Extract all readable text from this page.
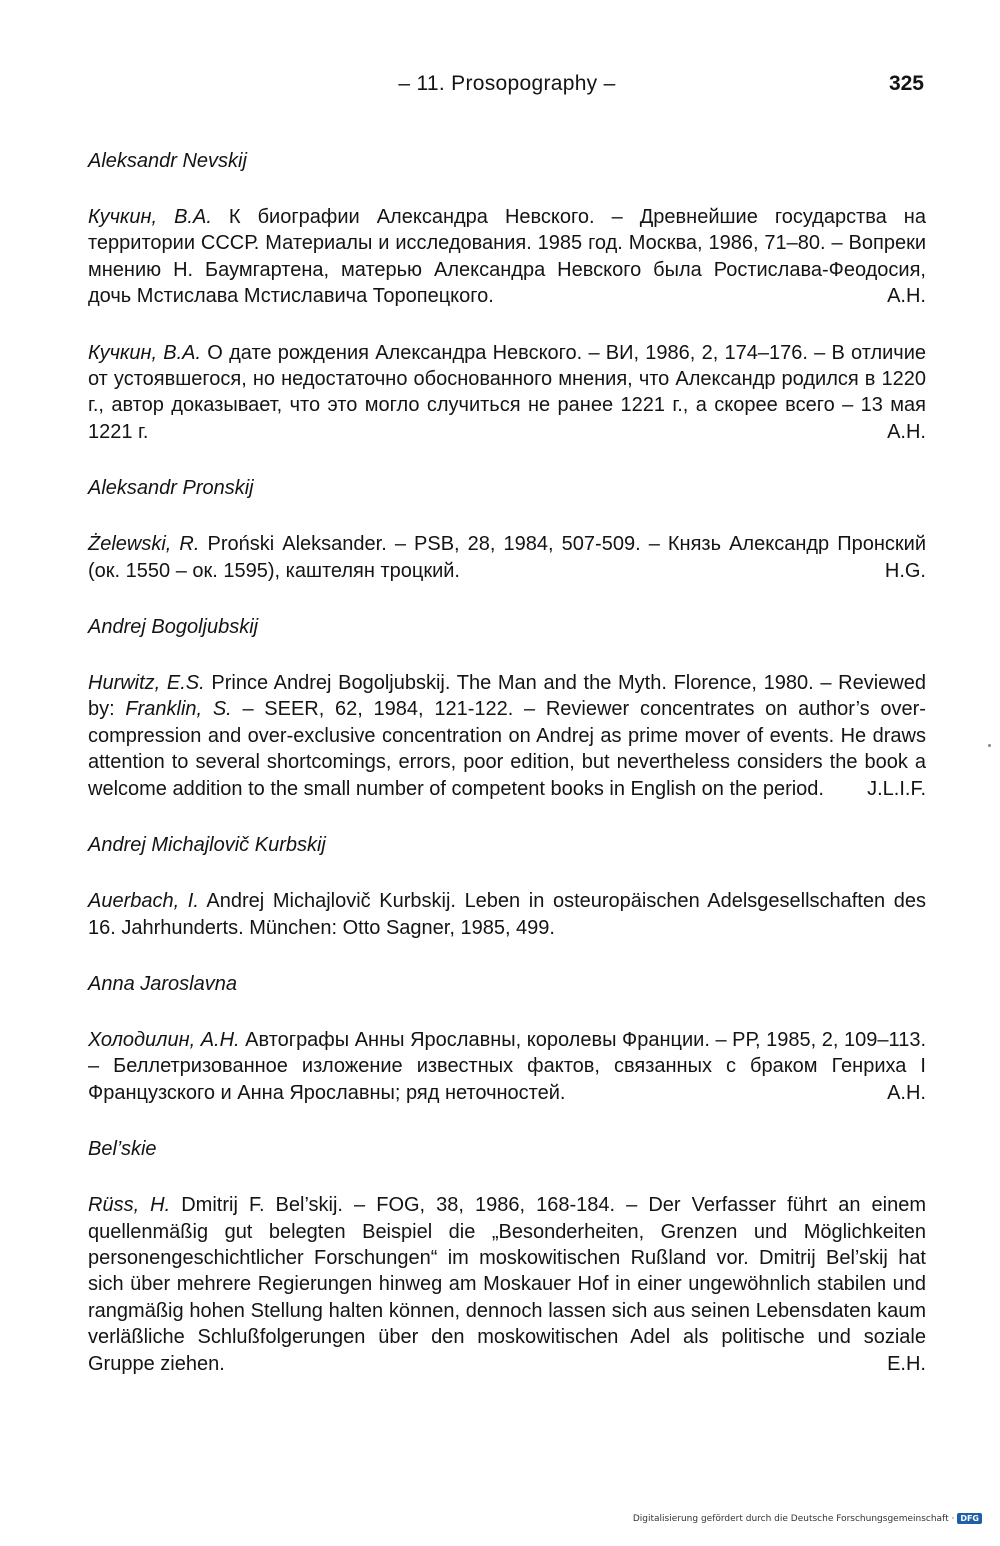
– 11. Prosopography –	325
Aleksandr Nevskij
Кучкин, В.А. К биографии Александра Невского. – Древнейшие государства на территории СССР. Материалы и исследования. 1985 год. Москва, 1986, 71–80. – Вопреки мнению Н. Баумгартена, матерью Александра Невского была Ростислава-Феодосия, дочь Мстислава Мстиславича Торопецкого.	A.H.
Кучкин, В.А. О дате рождения Александра Невского. – ВИ, 1986, 2, 174–176. – В отличие от устоявшегося, но недостаточно обоснованного мнения, что Александр родился в 1220 г., автор доказывает, что это могло случиться не ранее 1221 г., а скорее всего – 13 мая 1221 г.	A.H.
Aleksandr Pronskij
Żelewski, R. Prońskі Aleksander. – PSB, 28, 1984, 507-509. – Князь Александр Пронский (ок. 1550 – ок. 1595), каштелян троцкий.	H.G.
Andrej Bogoljubskij
Hurwitz, E.S. Prince Andrej Bogoljubskij. The Man and the Myth. Florence, 1980. – Reviewed by: Franklin, S. – SEER, 62, 1984, 121-122. – Reviewer concentrates on author’s over-compression and over-exclusive concentration on Andrej as prime mover of events. He draws attention to several shortcomings, errors, poor edition, but nevertheless considers the book a welcome addition to the small number of competent books in English on the period. J.L.I.F.
Andrej Michajlovič Kurbskij
Auerbach, I. Andrej Michajlovič Kurbskij. Leben in osteuropäischen Adelsgesellschaften des 16. Jahrhunderts. München: Otto Sagner, 1985, 499.
Anna Jaroslavna
Холодилин, А.Н. Автографы Анны Ярославны, королевы Франции. – РР, 1985, 2, 109–113. – Беллетризованное изложение известных фактов, связанных с браком Генриха I Французского и Анна Ярославны; ряд неточностей.	A.H.
Bel’skie
Rüss, H. Dmitrij F. Bel’skij. – FOG, 38, 1986, 168-184. – Der Verfasser führt an einem quellenmäßig gut belegten Beispiel die „Besonderheiten, Grenzen und Möglichkeiten personengeschichtlicher Forschungen“ im moskowitischen Rußland vor. Dmitrij Bel’skij hat sich über mehrere Regierungen hinweg am Moskauer Hof in einer ungewöhnlich stabilen und rangmäßig hohen Stellung halten können, dennoch lassen sich aus seinen Lebensdaten kaum verläßliche Schlußfolgerungen über den moskowitischen Adel als politische und soziale Gruppe ziehen.	E.H.
Digitalisierung gefördert durch die Deutsche Forschungsgemeinschaft · DFG
